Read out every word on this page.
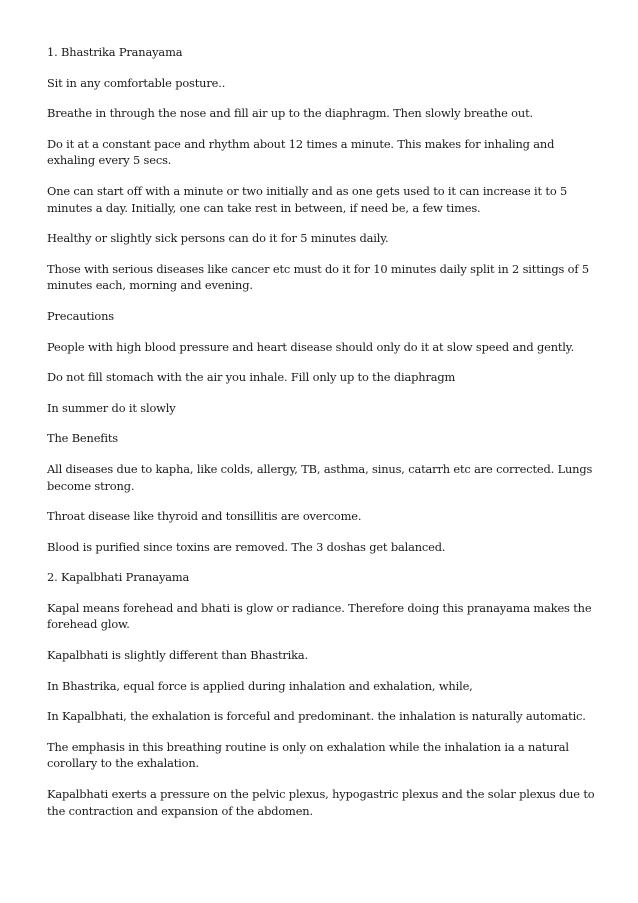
1. Bhastrika Pranayama

Sit in any comfortable posture..

Breathe in through the nose and fill air up to the diaphragm. Then slowly breathe out.

Do it at a constant pace and rhythm about 12 times a minute. This makes for inhaling and exhaling every 5 secs.

One can start off with a minute or two initially and as one gets used to it can increase it to 5 minutes a day. Initially, one can take rest in between, if need be, a few times.

Healthy or slightly sick persons can do it for 5 minutes daily.

Those with serious diseases like cancer etc must do it for 10 minutes daily split in 2 sittings of 5 minutes each, morning and evening.

Precautions

People with high blood pressure and heart disease should only do it at slow speed and gently.

Do not fill stomach with the air you inhale. Fill only up to the diaphragm

In summer do it slowly

The Benefits

All diseases due to kapha, like colds, allergy, TB, asthma, sinus, catarrh etc are corrected. Lungs become strong.

Throat disease like thyroid and tonsillitis are overcome.

Blood is purified since toxins are removed. The 3 doshas get balanced.

2. Kapalbhati Pranayama

Kapal means forehead and bhati is glow or radiance. Therefore doing this pranayama makes the forehead glow.

Kapalbhati is slightly different than Bhastrika.

In Bhastrika, equal force is applied during inhalation and exhalation, while,

In Kapalbhati, the exhalation is forceful and predominant. the inhalation is naturally automatic.

The emphasis in this breathing routine is only on exhalation while the inhalation ia a natural corollary to the exhalation.

Kapalbhati exerts a pressure on the pelvic plexus, hypogastric plexus and the solar plexus due to the contraction and expansion of the abdomen.
